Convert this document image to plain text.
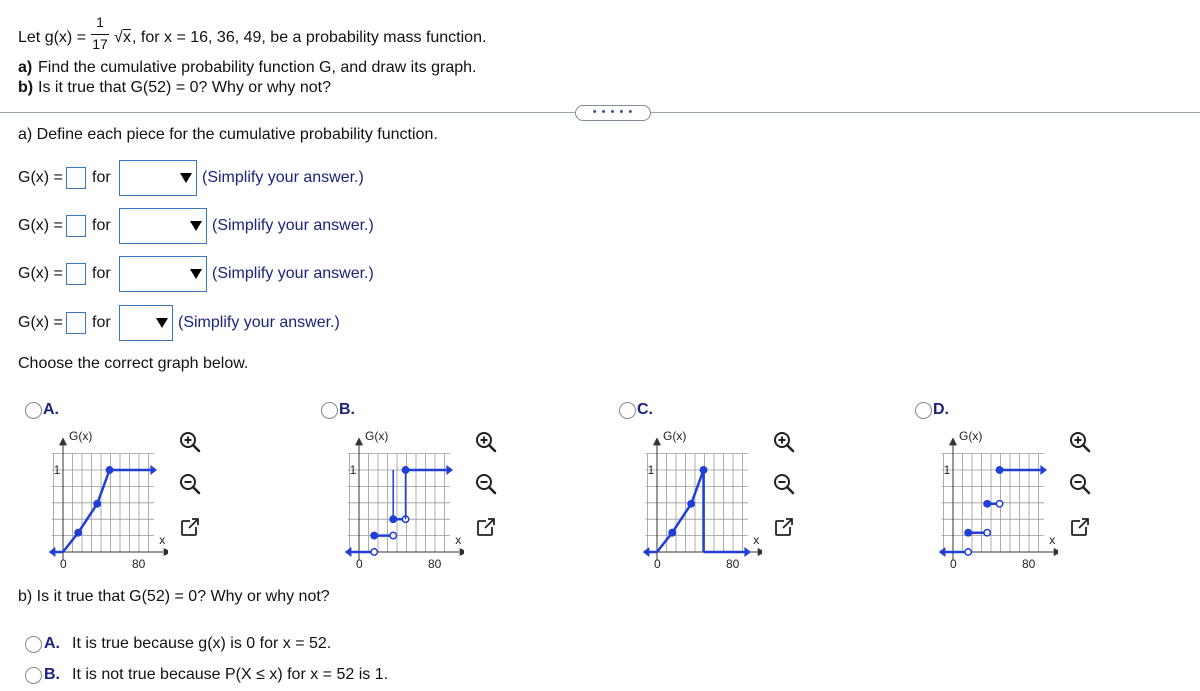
Let g(x) =
1
17 √ x , for x = 16, 36, 49, be a probability mass function.
a) Find the cumulative probability function G, and draw its graph.
b) Is it true that G(52) = 0? Why or why not?
• • • • •
a) Define each piece for the cumulative probability function.
G(x) = for	(Simplify your answer.)
G(x) = for	(Simplify your answer.)
G(x) = for	(Simplify your answer.)
G(x) = for	(Simplify your answer.)
Choose the correct graph below.
A.
1
G(x)
x
0	80
B.
1
G(x)
x
0	80
C.
1
G(x)
x
0	80
D.
1
G(x)
x
0	80
b) Is it true that G(52) = 0? Why or why not?
A. It is true because g(x) is 0 for x = 52.
B. It is not true because P(X ≤ x) for x = 52 is 1.
